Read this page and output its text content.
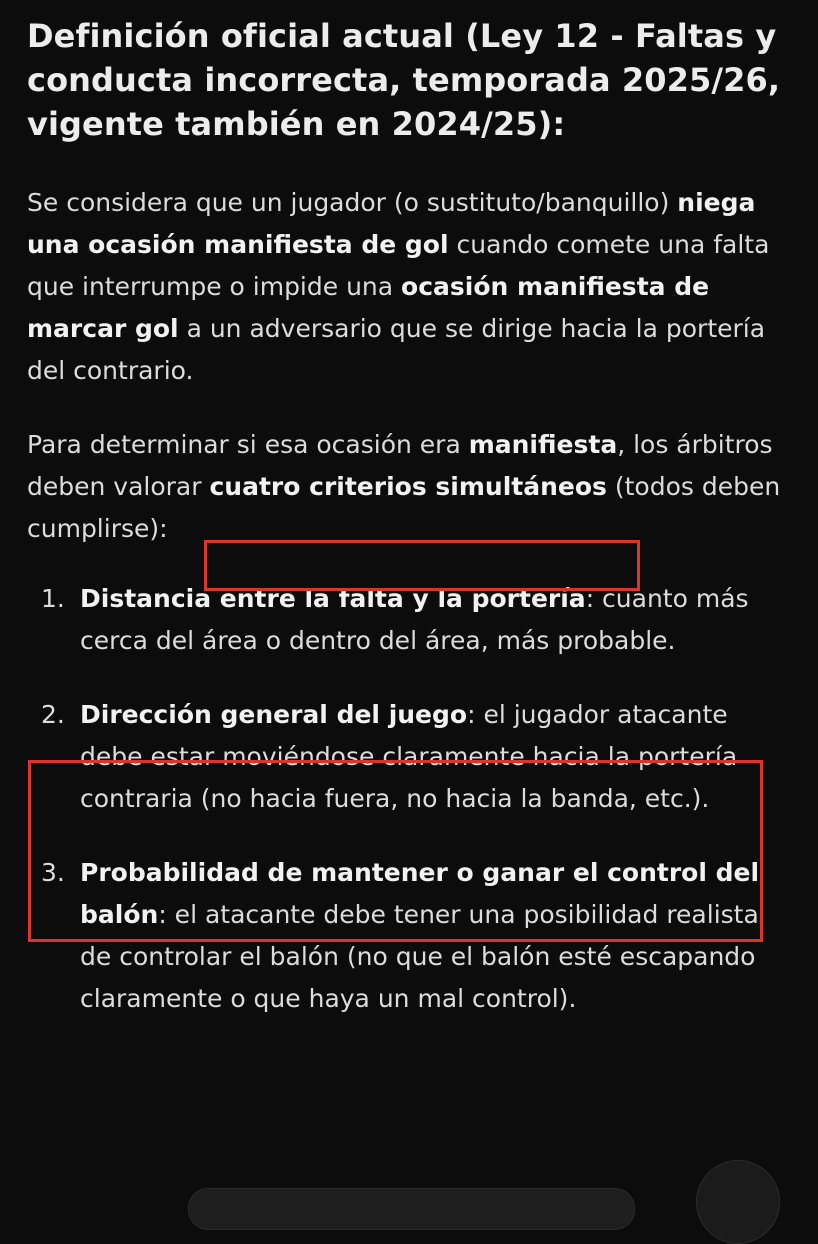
Definición oficial actual (Ley 12 - Faltas y conducta incorrecta, temporada 2025/26, vigente también en 2024/25):

Se considera que un jugador (o sustituto/banquillo) niega una ocasión manifiesta de gol cuando comete una falta que interrumpe o impide una ocasión manifiesta de marcar gol a un adversario que se dirige hacia la portería del contrario.

Para determinar si esa ocasión era manifiesta, los árbitros deben valorar cuatro criterios simultáneos (todos deben cumplirse):

1. Distancia entre la falta y la portería: cuanto más cerca del área o dentro del área, más probable.
2. Dirección general del juego: el jugador atacante debe estar moviéndose claramente hacia la portería contraria (no hacia fuera, no hacia la banda, etc.).
3. Probabilidad de mantener o ganar el control del balón: el atacante debe tener una posibilidad realista de controlar el balón (no que el balón esté escapando claramente o que haya un mal control).
